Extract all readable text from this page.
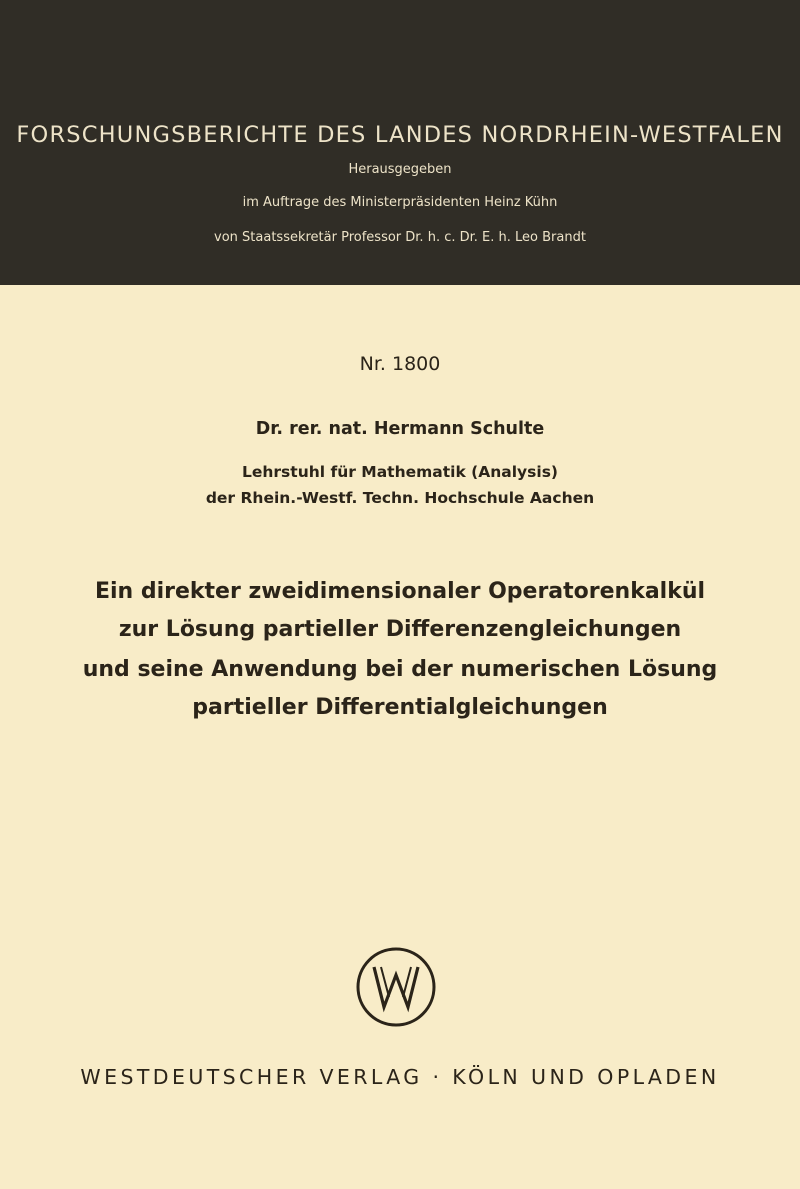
FORSCHUNGSBERICHTE DES LANDES NORDRHEIN-WESTFALEN
Herausgegeben
im Auftrage des Ministerpräsidenten Heinz Kühn
von Staatssekretär Professor Dr. h. c. Dr. E. h. Leo Brandt
Nr. 1800
Dr. rer. nat. Hermann Schulte
Lehrstuhl für Mathematik (Analysis)
der Rhein.-Westf. Techn. Hochschule Aachen
Ein direkter zweidimensionaler Operatorenkalkül
zur Lösung partieller Differenzengleichungen
und seine Anwendung bei der numerischen Lösung
partieller Differentialgleichungen
WESTDEUTSCHER VERLAG · KÖLN UND OPLADEN
